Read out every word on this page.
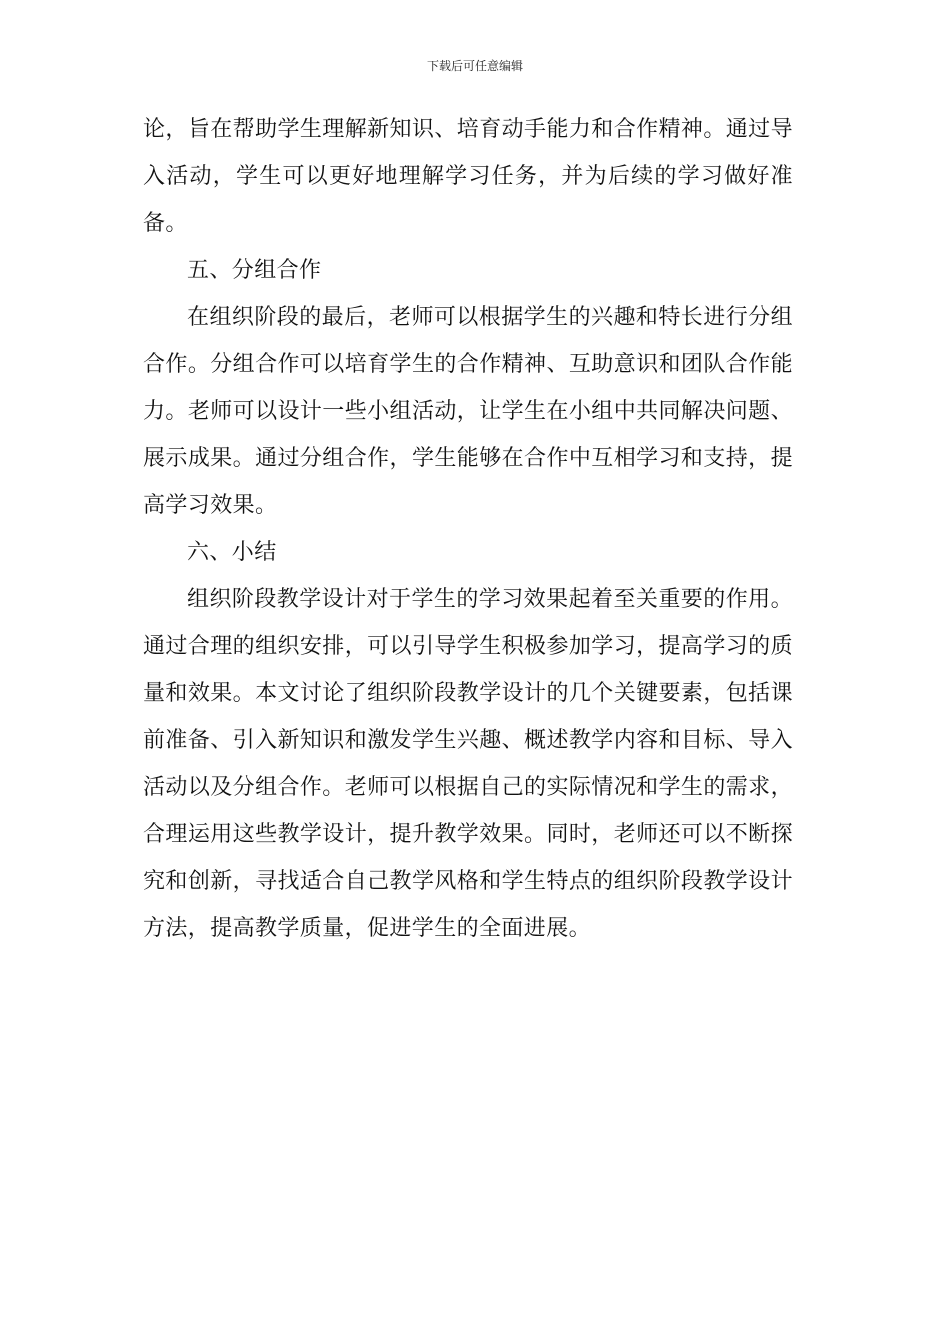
下载后可任意编辑

论，旨在帮助学生理解新知识、培育动手能力和合作精神。通过导入活动，学生可以更好地理解学习任务，并为后续的学习做好准备。

五、分组合作

在组织阶段的最后，老师可以根据学生的兴趣和特长进行分组合作。分组合作可以培育学生的合作精神、互助意识和团队合作能力。老师可以设计一些小组活动，让学生在小组中共同解决问题、展示成果。通过分组合作，学生能够在合作中互相学习和支持，提高学习效果。

六、小结

组织阶段教学设计对于学生的学习效果起着至关重要的作用。通过合理的组织安排，可以引导学生积极参加学习，提高学习的质量和效果。本文讨论了组织阶段教学设计的几个关键要素，包括课前准备、引入新知识和激发学生兴趣、概述教学内容和目标、导入活动以及分组合作。老师可以根据自己的实际情况和学生的需求，合理运用这些教学设计，提升教学效果。同时，老师还可以不断探究和创新，寻找适合自己教学风格和学生特点的组织阶段教学设计方法，提高教学质量，促进学生的全面进展。
